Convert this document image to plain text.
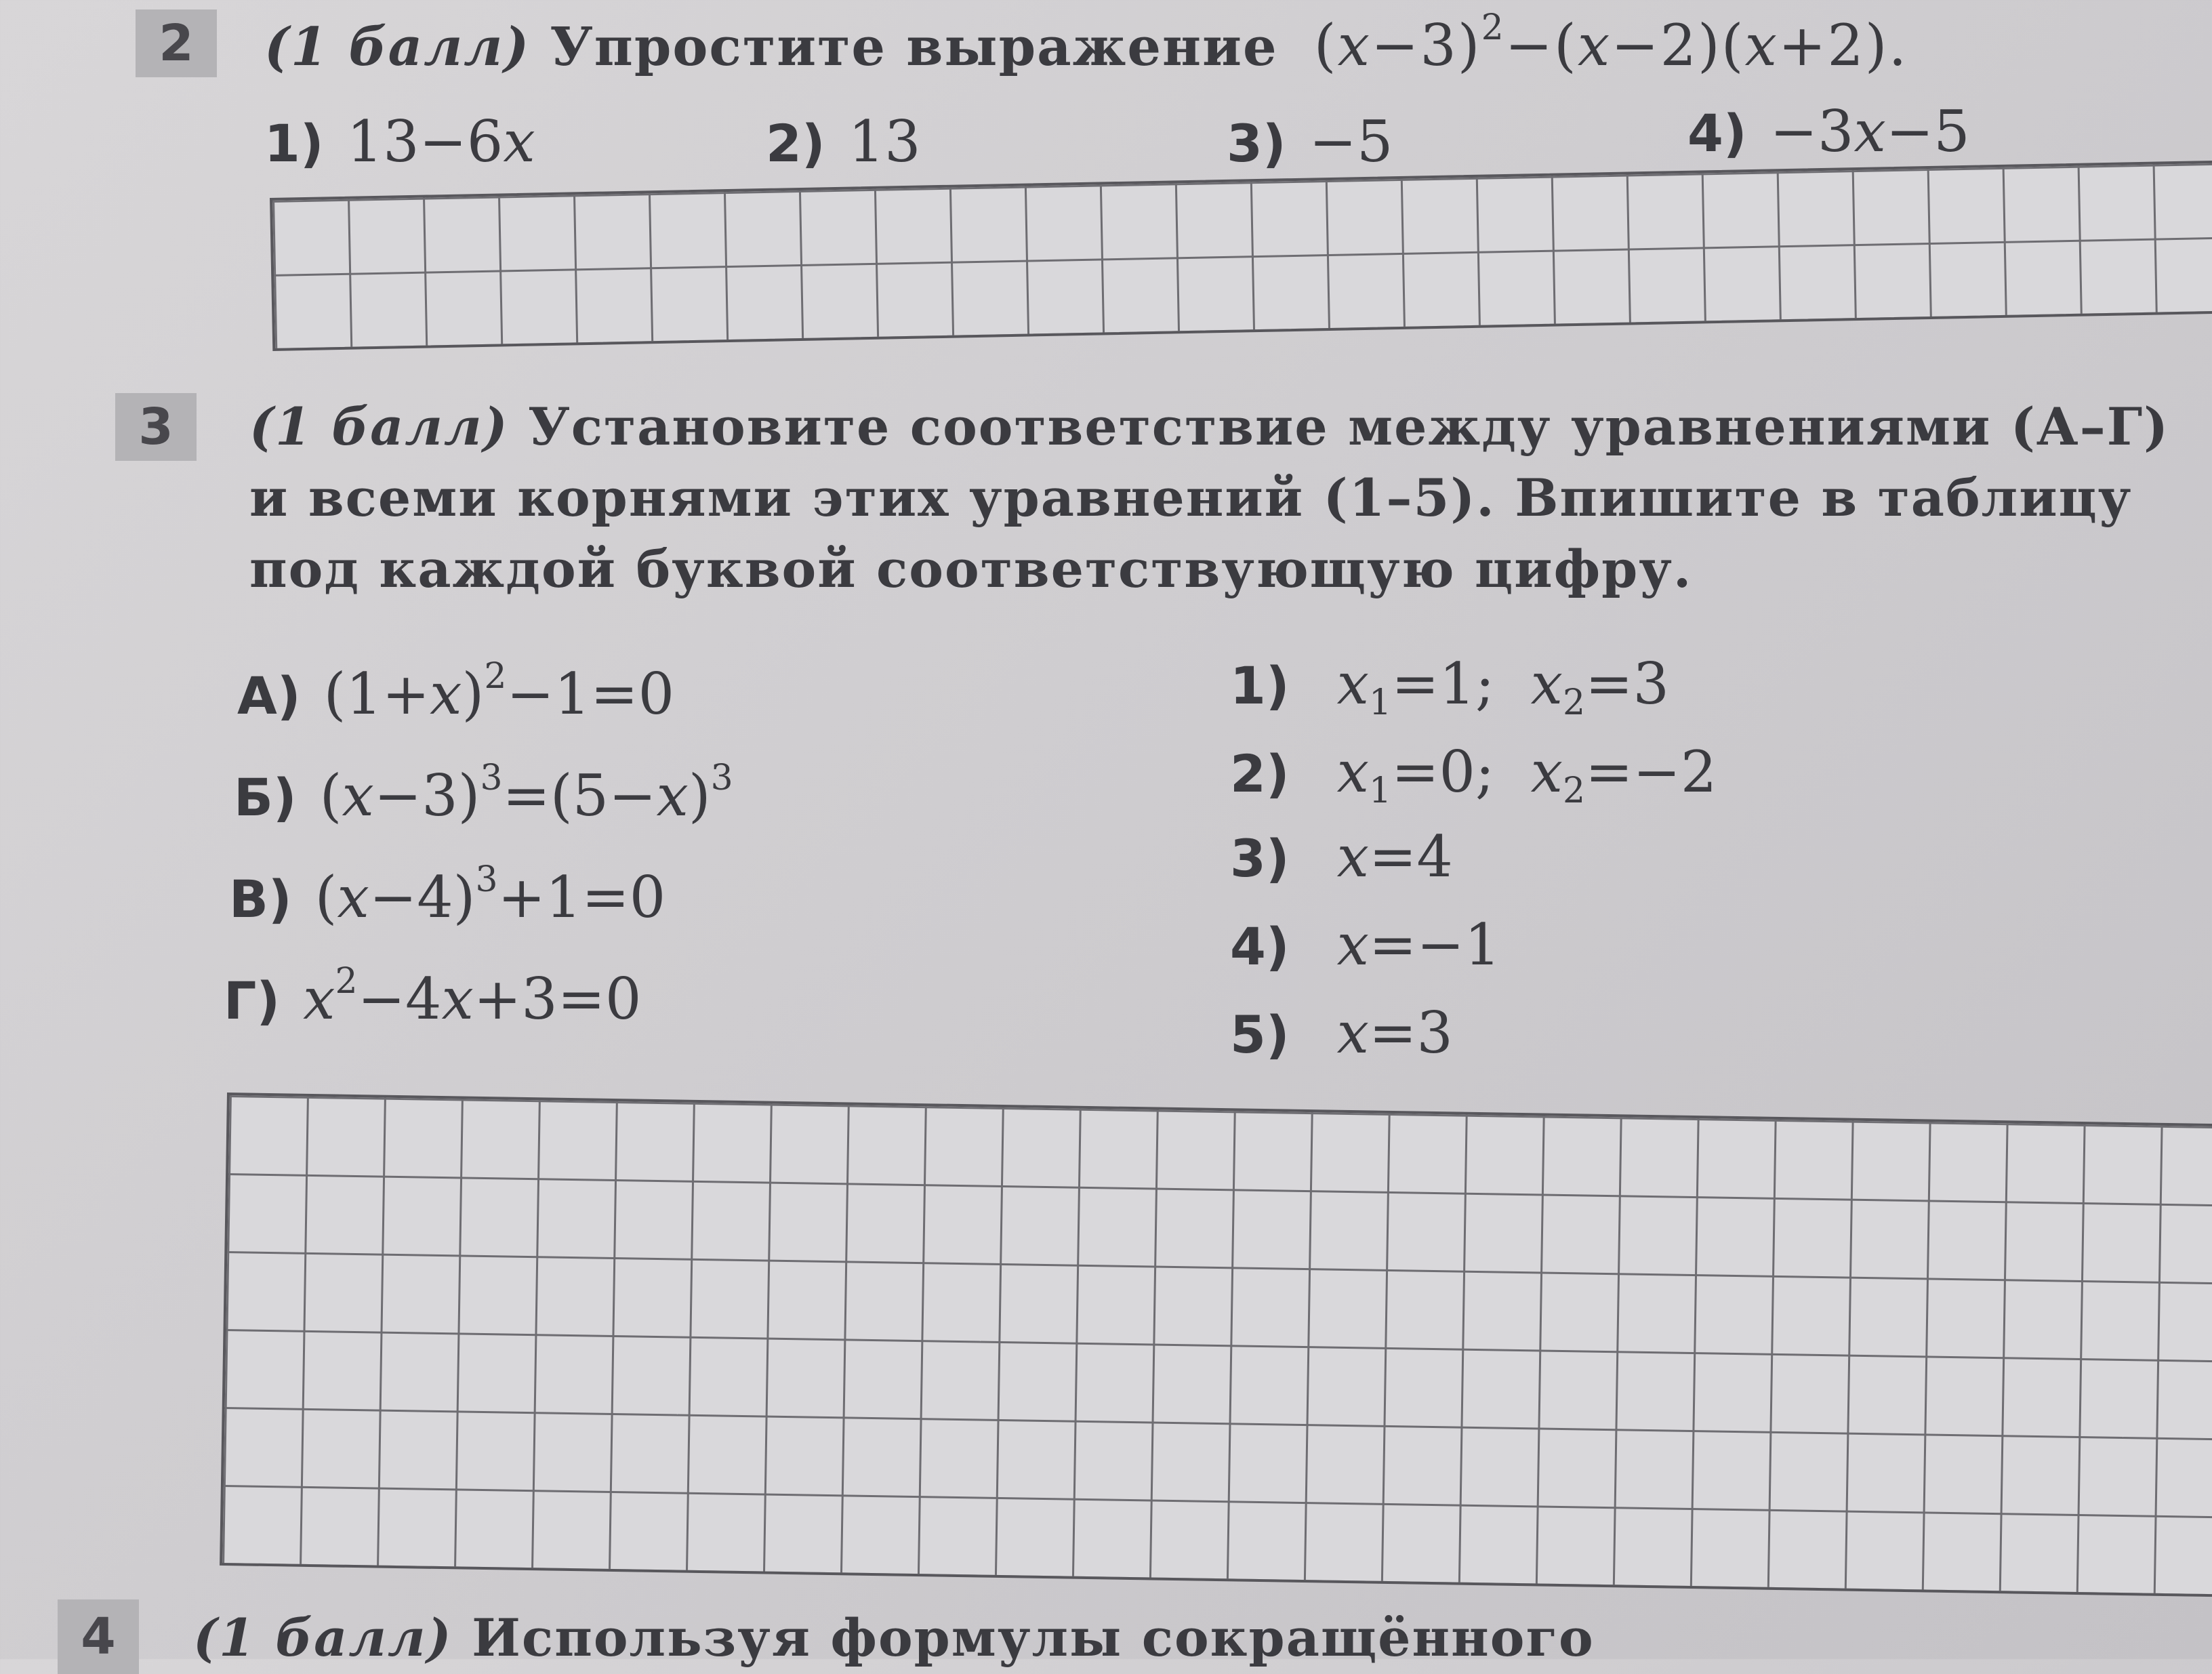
2	(1 балл) Упростите выражение $(x-3)^2-(x-2)(x+2)$.
1) 13−6x	2) 13	3) −5	4) −3x−5
3	(1 балл) Установите соответствие между уравнениями (А–Г)
и всеми корнями этих уравнений (1–5). Впишите в таблицу
под каждой буквой соответствующую цифру.
А) $(1+x)^2-1=0$
Б) $(x-3)^3=(5-x)^3$
В) $(x-4)^3+1=0$
Г) $x^2-4x+3=0$
1) $x_1=1$; $x_2=3$
2) $x_1=0$; $x_2=-2$
3) x=4
4) x=−1
5) x=3
4	(1 балл) Используя формулы сокращённого
